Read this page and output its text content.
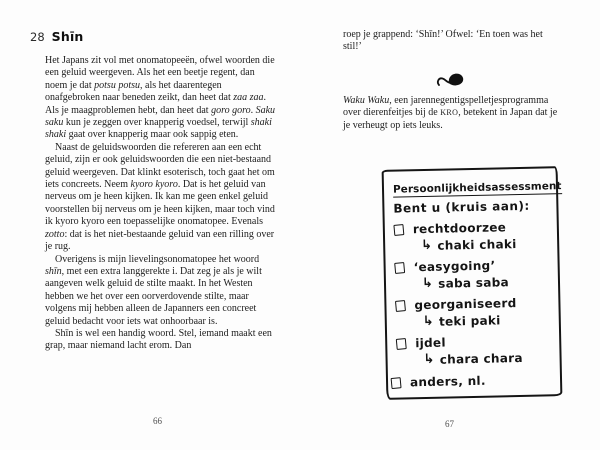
28 Shīn

Het Japans zit vol met onomatopeeën, ofwel woorden die een geluid weergeven. Als het een beetje regent, dan noem je dat potsu potsu, als het daarentegen onafgebroken naar beneden zeikt, dan heet dat zaa zaa. Als je maagproblemen hebt, dan heet dat goro goro. Saku saku kun je zeggen over knapperig voedsel, terwijl shaki shaki gaat over knapperig maar ook sappig eten.

Naast de geluidswoorden die refereren aan een echt geluid, zijn er ook geluidswoorden die een niet-bestaand geluid weergeven. Dat klinkt esoterisch, toch gaat het om iets concreets. Neem kyoro kyoro. Dat is het geluid van nerveus om je heen kijken. Ik kan me geen enkel geluid voorstellen bij nerveus om je heen kijken, maar toch vind ik kyoro kyoro een toepasselijke onomatopee. Evenals zotto: dat is het niet-bestaande geluid van een rilling over je rug.

Overigens is mijn lievelingsonomatopee het woord shīn, met een extra langgerekte i. Dat zeg je als je wilt aangeven welk geluid de stilte maakt. In het Westen hebben we het over een oorverdovende stilte, maar volgens mij hebben alleen de Japanners een concreet geluid bedacht voor iets wat onhoorbaar is.

Shīn is wel een handig woord. Stel, iemand maakt een grap, maar niemand lacht erom. Dan

66

roep je grappend: ‘Shīn!’ Ofwel: ‘En toen was het stil!’

Waku Waku, een jarennegentigspelletjesprogramma over dierenfeitjes bij de KRO, betekent in Japan dat je je verheugt op iets leuks.

Persoonlijkheidsassessment
Bent u (kruis aan):
rechtdoorzee
↳ chaki chaki
‘easygoing’
↳ saba saba
georganiseerd
↳ teki paki
ijdel
↳ chara chara
anders, nl.
67
